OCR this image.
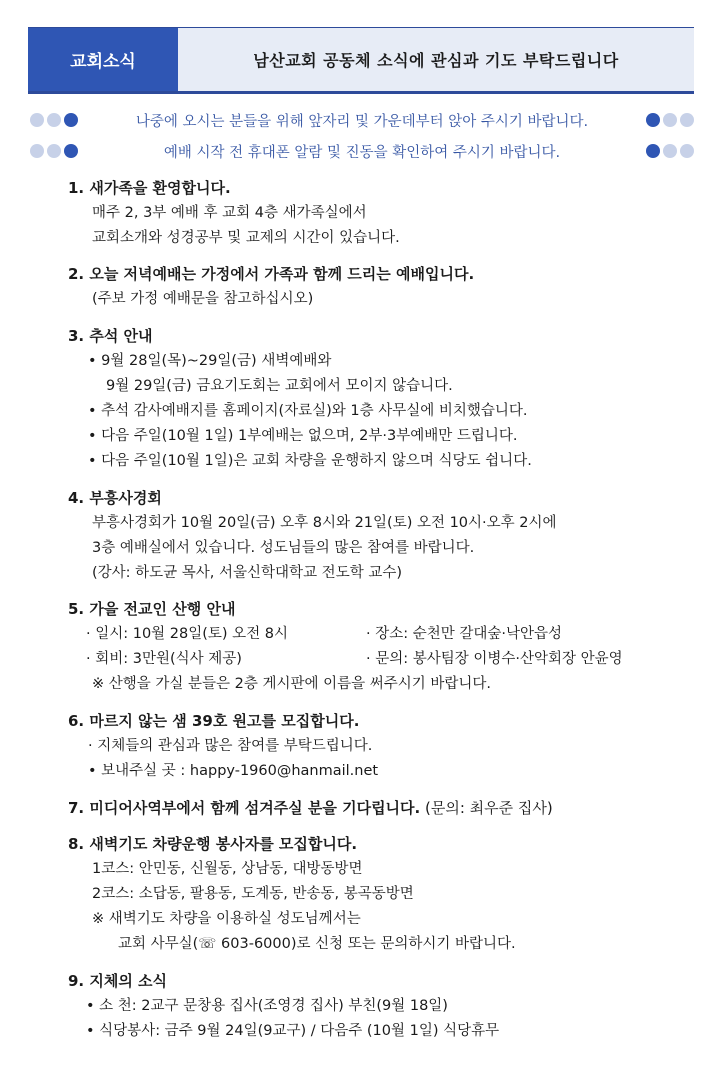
교회소식	남산교회 공동체 소식에 관심과 기도 부탁드립니다
나중에 오시는 분들을 위해 앞자리 및 가운데부터 앉아 주시기 바랍니다.
예배 시작 전 휴대폰 알람 및 진동을 확인하여 주시기 바랍니다.
1. 새가족을 환영합니다.
매주 2, 3부 예배 후 교회 4층 새가족실에서
교회소개와 성경공부 및 교제의 시간이 있습니다.
2. 오늘 저녁예배는 가정에서 가족과 함께 드리는 예배입니다.
(주보 가정 예배문을 참고하십시오)
3. 추석 안내
• 9월 28일(목)~29일(금) 새벽예배와
9월 29일(금) 금요기도회는 교회에서 모이지 않습니다.
• 추석 감사예배지를 홈페이지(자료실)와 1층 사무실에 비치했습니다.
• 다음 주일(10월 1일) 1부예배는 없으며, 2부·3부예배만 드립니다.
• 다음 주일(10월 1일)은 교회 차량을 운행하지 않으며 식당도 쉽니다.
4. 부흥사경회
부흥사경회가 10월 20일(금) 오후 8시와 21일(토) 오전 10시·오후 2시에
3층 예배실에서 있습니다. 성도님들의 많은 참여를 바랍니다.
(강사: 하도균 목사, 서울신학대학교 전도학 교수)
5. 가을 전교인 산행 안내
· 일시: 10월 28일(토) 오전 8시	· 장소: 순천만 갈대숲·낙안읍성
· 회비: 3만원(식사 제공)	· 문의: 봉사팀장 이병수·산악회장 안윤영
※ 산행을 가실 분들은 2층 게시판에 이름을 써주시기 바랍니다.
6. 마르지 않는 샘 39호 원고를 모집합니다.
· 지체들의 관심과 많은 참여를 부탁드립니다.
• 보내주실 곳 : happy-1960@hanmail.net
7. 미디어사역부에서 함께 섬겨주실 분을 기다립니다. (문의: 최우준 집사)
8. 새벽기도 차량운행 봉사자를 모집합니다.
1코스: 안민동, 신월동, 상남동, 대방동방면
2코스: 소답동, 팔용동, 도계동, 반송동, 봉곡동방면
※ 새벽기도 차량을 이용하실 성도님께서는
교회 사무실(☏ 603-6000)로 신청 또는 문의하시기 바랍니다.
9. 지체의 소식
• 소 천: 2교구 문창용 집사(조영경 집사) 부친(9월 18일)
• 식당봉사: 금주 9월 24일(9교구) / 다음주 (10월 1일) 식당휴무
